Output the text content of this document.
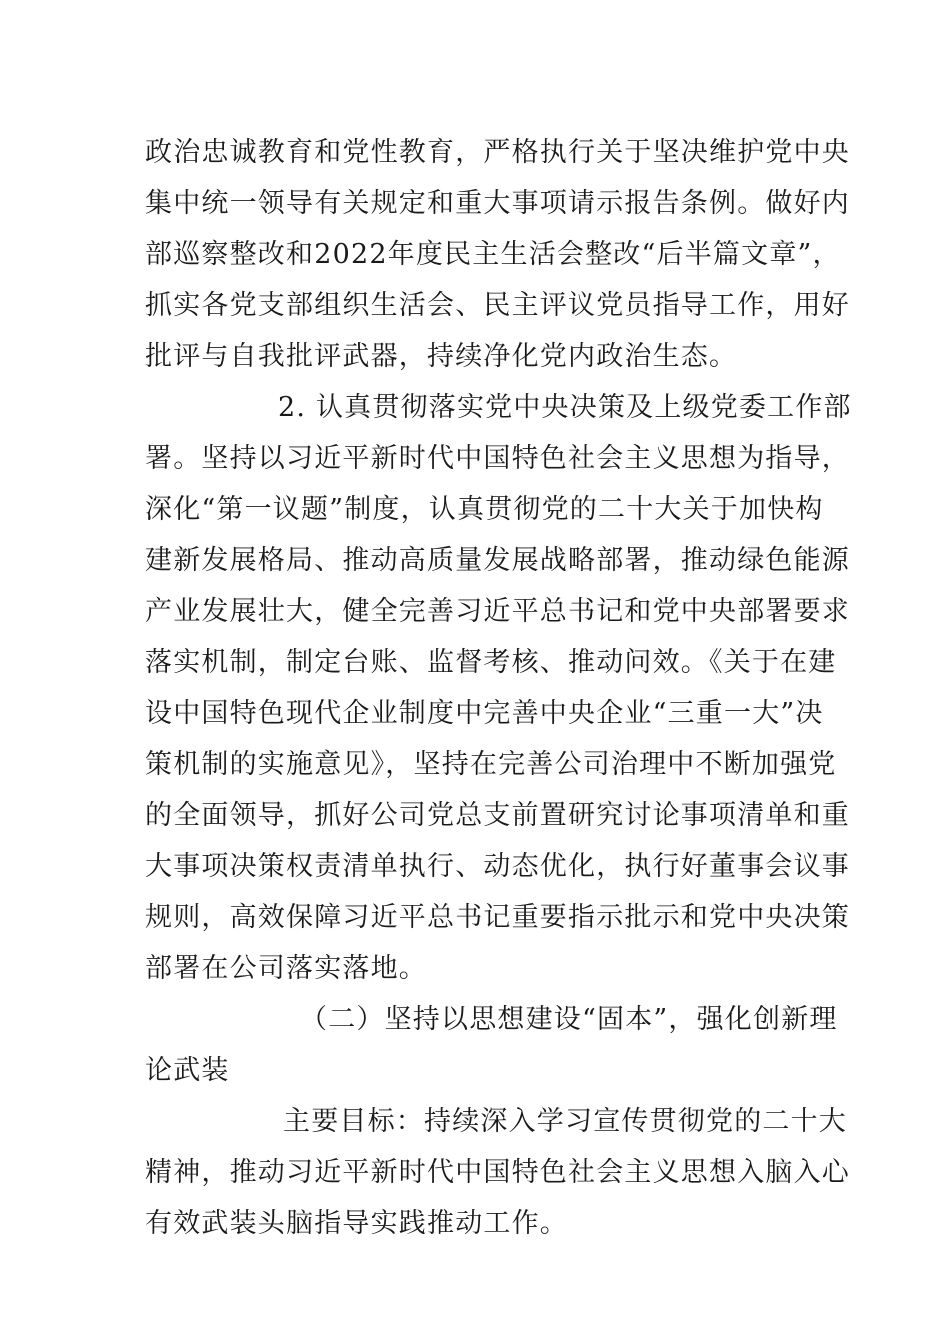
政治忠诚教育和党性教育，严格执行关于坚决维护党中央
集中统一领导有关规定和重大事项请示报告条例。做好内
部巡察整改和2022年度民主生活会整改“后半篇文章”，
抓实各党支部组织生活会、民主评议党员指导工作，用好
批评与自我批评武器，持续净化党内政治生态。
2. 认真贯彻落实党中央决策及上级党委工作部
署。坚持以习近平新时代中国特色社会主义思想为指导，
深化“第一议题”制度，认真贯彻党的二十大关于加快构
建新发展格局、推动高质量发展战略部署，推动绿色能源
产业发展壮大，健全完善习近平总书记和党中央部署要求
落实机制，制定台账、监督考核、推动问效。《关于在建
设中国特色现代企业制度中完善中央企业“三重一大”决
策机制的实施意见》，坚持在完善公司治理中不断加强党
的全面领导，抓好公司党总支前置研究讨论事项清单和重
大事项决策权责清单执行、动态优化，执行好董事会议事
规则，高效保障习近平总书记重要指示批示和党中央决策
部署在公司落实落地。
（二）坚持以思想建设“固本”，强化创新理
论武装
主要目标：持续深入学习宣传贯彻党的二十大
精神，推动习近平新时代中国特色社会主义思想入脑入心
有效武装头脑指导实践推动工作。
